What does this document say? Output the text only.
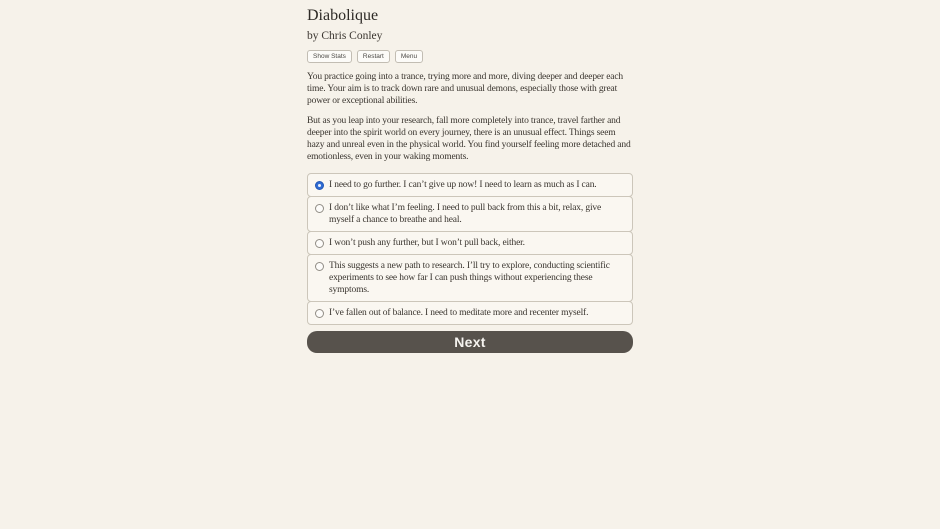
Diabolique
by Chris Conley
Show Stats	Restart	Menu

You practice going into a trance, trying more and more, diving deeper and deeper each time. Your aim is to track down rare and unusual demons, especially those with great power or exceptional abilities.

But as you leap into your research, fall more completely into trance, travel farther and deeper into the spirit world on every journey, there is an unusual effect. Things seem hazy and unreal even in the physical world. You find yourself feeling more detached and emotionless, even in your waking moments.

I need to go further. I can’t give up now! I need to learn as much as I can.
I don’t like what I’m feeling. I need to pull back from this a bit, relax, give myself a chance to breathe and heal.
I won’t push any further, but I won’t pull back, either.
This suggests a new path to research. I’ll try to explore, conducting scientific experiments to see how far I can push things without experiencing these symptoms.
I’ve fallen out of balance. I need to meditate more and recenter myself.
Next
